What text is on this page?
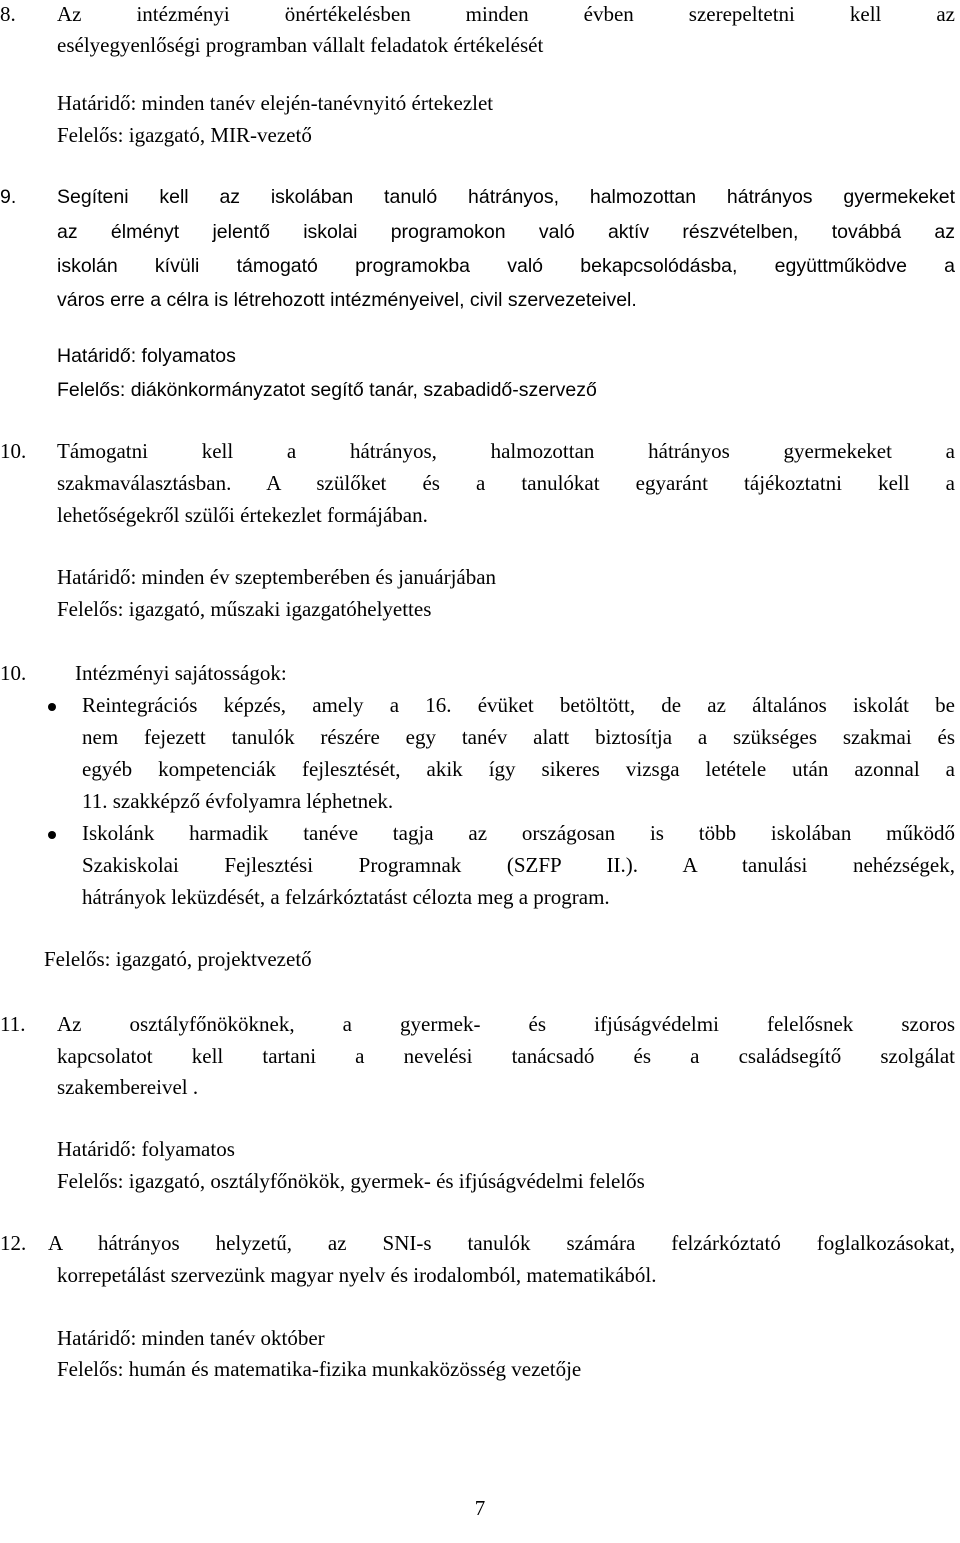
8. Az intézményi önértékelésben minden évben szerepeltetni kell az
esélyegyenlőségi programban vállalt feladatok értékelését
Határidő: minden tanév elején-tanévnyitó értekezlet
Felelős: igazgató, MIR-vezető
9. Segíteni kell az iskolában tanuló hátrányos, halmozottan hátrányos gyermekeket
az élményt jelentő iskolai programokon való aktív részvételben, továbbá az
iskolán kívüli támogató programokba való bekapcsolódásba, együttműködve a
város erre a célra is létrehozott intézményeivel, civil szervezeteivel.
Határidő: folyamatos
Felelős: diákönkormányzatot segítő tanár, szabadidő-szervező
10. Támogatni kell a hátrányos, halmozottan hátrányos gyermekeket a
szakmaválasztásban. A szülőket és a tanulókat egyaránt tájékoztatni kell a
lehetőségekről szülői értekezlet formájában.
Határidő: minden év szeptemberében és januárjában
Felelős: igazgató, műszaki igazgatóhelyettes
10. Intézményi sajátosságok:
Reintegrációs képzés, amely a 16. évüket betöltött, de az általános iskolát be
nem fejezett tanulók részére egy tanév alatt biztosítja a szükséges szakmai és
egyéb kompetenciák fejlesztését, akik így sikeres vizsga letétele után azonnal a
11. szakképző évfolyamra léphetnek.
Iskolánk harmadik tanéve tagja az országosan is több iskolában működő
Szakiskolai Fejlesztési Programnak (SZFP II.). A tanulási nehézségek,
hátrányok leküzdését, a felzárkóztatást célozta meg a program.
Felelős: igazgató, projektvezető
11. Az osztályfőnököknek, a gyermek- és ifjúságvédelmi felelősnek szoros
kapcsolatot kell tartani a nevelési tanácsadó és a családsegítő szolgálat
szakembereivel .
Határidő: folyamatos
Felelős: igazgató, osztályfőnökök, gyermek- és ifjúságvédelmi felelős
12. A hátrányos helyzetű, az SNI-s tanulók számára felzárkóztató foglalkozásokat,
korrepetálást szervezünk magyar nyelv és irodalomból, matematikából.
Határidő: minden tanév október
Felelős: humán és matematika-fizika munkaközösség vezetője
7
